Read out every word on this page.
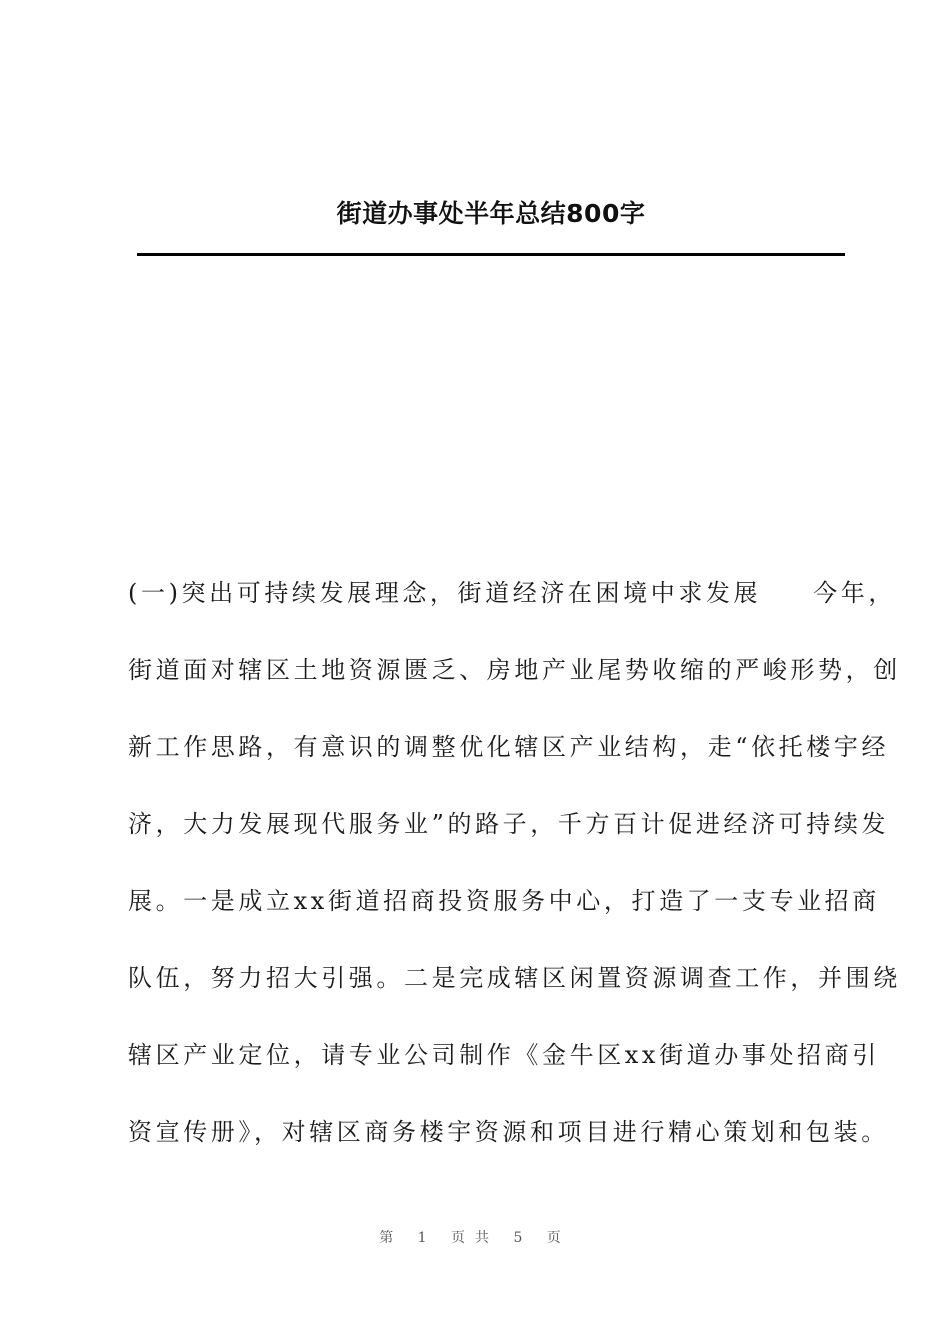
街道办事处半年总结800字
(一)突出可持续发展理念，街道经济在困境中求发展 今年，
街道面对辖区土地资源匮乏、房地产业尾势收缩的严峻形势，创
新工作思路，有意识的调整优化辖区产业结构，走“依托楼宇经
济，大力发展现代服务业”的路子，千方百计促进经济可持续发
展。一是成立xx街道招商投资服务中心，打造了一支专业招商
队伍，努力招大引强。二是完成辖区闲置资源调查工作，并围绕
辖区产业定位，请专业公司制作《金牛区xx街道办事处招商引
资宣传册》，对辖区商务楼宇资源和项目进行精心策划和包装。
第 1 页共 5 页
